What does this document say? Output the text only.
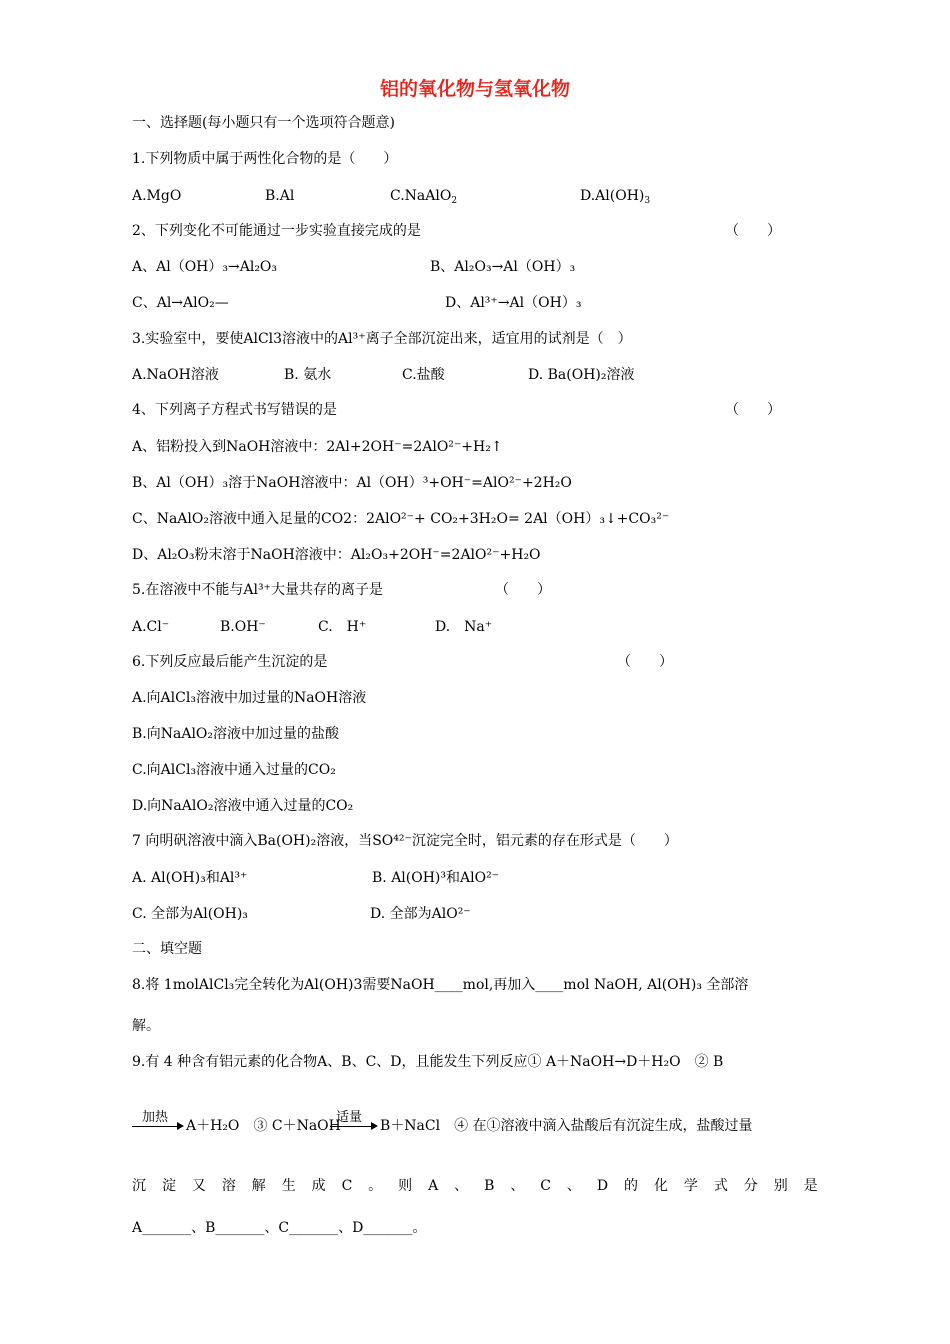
铝的氧化物与氢氧化物
一、选择题(每小题只有一个选项符合题意)
1.下列物质中属于两性化合物的是（　　）
A.MgO	B.Al	C.NaAlO$_2$	$D.Al(OH)_3$
2、下列变化不可能通过一步实验直接完成的是	（　　）
A、Al（OH）₃→Al₂O₃	B、Al₂O₃→Al（OH）₃
C、Al→AlO₂—	D、Al³⁺→Al（OH）₃
3.实验室中，要使AlCl3溶液中的Al³⁺离子全部沉淀出来，适宜用的试剂是（　）
A.NaOH溶液	B. 氨水	C.盐酸	D. Ba(OH)₂溶液
4、下列离子方程式书写错误的是	（　　）
A、铝粉投入到NaOH溶液中：2Al+2OH⁻=2AlO²⁻+H₂↑
B、Al（OH）₃溶于NaOH溶液中：Al（OH）³+OH⁻=AlO²⁻+2H₂O
C、NaAlO₂溶液中通入足量的CO2：2AlO²⁻+ CO₂+3H₂O= 2Al（OH）₃↓+CO₃²⁻
D、Al₂O₃粉末溶于NaOH溶液中：Al₂O₃+2OH⁻=2AlO²⁻+H₂O
5.在溶液中不能与Al³⁺大量共存的离子是	（　　）
A.Cl⁻	B.OH⁻	C.　H⁺	D.　Na⁺
6.下列反应最后能产生沉淀的是	（　　）
A.向AlCl₃溶液中加过量的NaOH溶液
B.向NaAlO₂溶液中加过量的盐酸
C.向AlCl₃溶液中通入过量的CO₂
D.向NaAlO₂溶液中通入过量的CO₂
7 向明矾溶液中滴入Ba(OH)₂溶液，当SO⁴²⁻沉淀完全时，铝元素的存在形式是（　　）
A. Al(OH)₃和Al³⁺	B. Al(OH)³和AlO²⁻
C. 全部为Al(OH)₃	D. 全部为AlO²⁻
二、填空题
8.将 1molAlCl₃完全转化为Al(OH)3需要NaOH____mol,再加入____mol NaOH, Al(OH)₃ 全部溶
解。
9.有 4 种含有铝元素的化合物A、B、C、D，且能发生下列反应① A＋NaOH→D＋H₂O　② B
加热
A＋H₂O　③ C＋NaOH
适量
B＋NaCl　④ 在①溶液中滴入盐酸后有沉淀生成，盐酸过量
沉 淀 又 溶 解 生 成 C 。 则 A 、 B 、 C 、 D 的 化 学 式 分 别 是
A_______、B_______、C_______、D_______。
